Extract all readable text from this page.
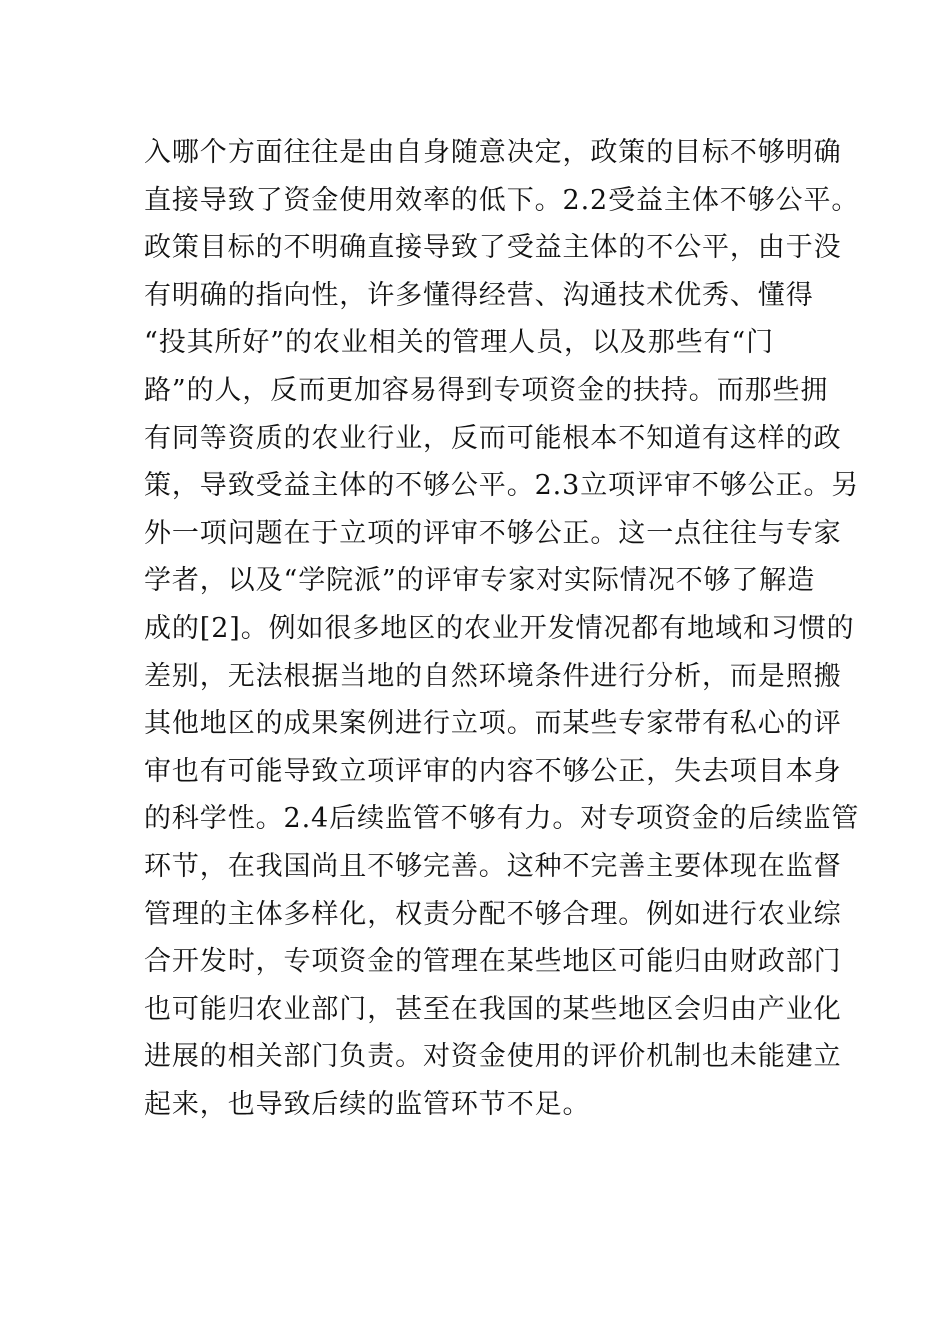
入哪个方面往往是由自身随意决定，政策的目标不够明确
直接导致了资金使用效率的低下。2.2受益主体不够公平。
政策目标的不明确直接导致了受益主体的不公平，由于没
有明确的指向性，许多懂得经营、沟通技术优秀、懂得
“投其所好”的农业相关的管理人员，以及那些有“门
路”的人，反而更加容易得到专项资金的扶持。而那些拥
有同等资质的农业行业，反而可能根本不知道有这样的政
策，导致受益主体的不够公平。2.3立项评审不够公正。另
外一项问题在于立项的评审不够公正。这一点往往与专家
学者，以及“学院派”的评审专家对实际情况不够了解造
成的[2]。例如很多地区的农业开发情况都有地域和习惯的
差别，无法根据当地的自然环境条件进行分析，而是照搬
其他地区的成果案例进行立项。而某些专家带有私心的评
审也有可能导致立项评审的内容不够公正，失去项目本身
的科学性。2.4后续监管不够有力。对专项资金的后续监管
环节，在我国尚且不够完善。这种不完善主要体现在监督
管理的主体多样化，权责分配不够合理。例如进行农业综
合开发时，专项资金的管理在某些地区可能归由财政部门
也可能归农业部门，甚至在我国的某些地区会归由产业化
进展的相关部门负责。对资金使用的评价机制也未能建立
起来，也导致后续的监管环节不足。
